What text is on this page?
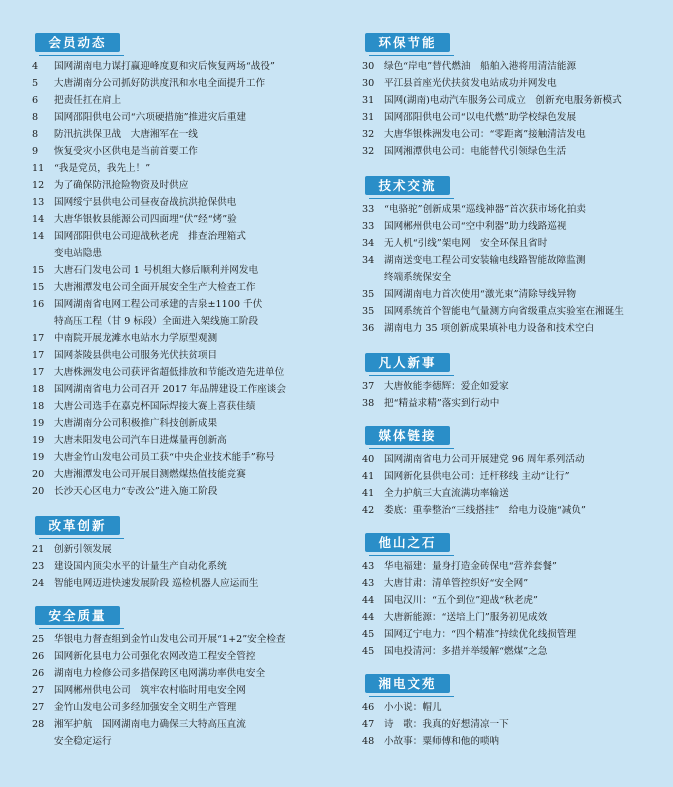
会员动态
4	国网湖南电力谋打赢迎峰度夏和灾后恢复两场“战役”
5	大唐湖南分公司抓好防洪度汛和水电全面提升工作
6	把责任扛在肩上
8	国网邵阳供电公司“六项硬措施”推进灾后重建
8	防汛抗洪保卫战　大唐湘军在一线
9	恢复受灾小区供电是当前首要工作
11	“我是党员，我先上！”
12	为了确保防汛抢险物资及时供应
13	国网绥宁县供电公司昼夜奋战抗洪抢保供电
14	大唐华银攸县能源公司四面埋“伏”经“烤”验
14	国网邵阳供电公司迎战秋老虎　排查治理箱式
变电站隐患
15	大唐石门发电公司 1 号机组大修后顺利并网发电
15	大唐湘潭发电公司全面开展安全生产大检查工作
16	国网湖南省电网工程公司承建的吉泉±1100 千伏
特高压工程（甘 9 标段）全面进入架线施工阶段
17	中南院开展龙滩水电站水力学原型观测
17	国网茶陵县供电公司服务光伏扶贫项目
17	大唐株洲发电公司获评省超低排放和节能改造先进单位
18	国网湖南省电力公司召开 2017 年品牌建设工作座谈会
18	大唐公司选手在嘉克杯国际焊接大赛上喜获佳绩
19	大唐湖南分公司积极推广科技创新成果
19	大唐耒阳发电公司汽车日进煤量再创新高
19	大唐金竹山发电公司员工获“中央企业技术能手”称号
20	大唐湘潭发电公司开展目测燃煤热值技能竞赛
20	长沙天心区电力“专改公”进入施工阶段
改革创新
21	创新引领发展
23	建设国内顶尖水平的计量生产自动化系统
24	智能电网迈进快速发展阶段 巡检机器人应运而生
安全质量
25	华银电力督查组到金竹山发电公司开展“1+2”安全检查
26	国网新化县电力公司强化农网改造工程安全管控
26	湖南电力检修公司多措保跨区电网满功率供电安全
27	国网郴州供电公司　筑牢农村临时用电安全网
27	金竹山发电公司多经加强安全文明生产管理
28	湘军护航　国网湖南电力确保三大特高压直流
安全稳定运行
环保节能
30	绿色“岸电”替代燃油　船舶入港将用清洁能源
30	平江县首座光伏扶贫发电站成功并网发电
31	国网(湖南)电动汽车服务公司成立　创新充电服务新模式
31	国网邵阳供电公司“以电代燃”助学校绿色发展
32	大唐华银株洲发电公司：“零距离”接触清洁发电
32	国网湘潭供电公司：电能替代引领绿色生活
技术交流
33	“电骆驼”创新成果“巡线神器”首次获市场化拍卖
33	国网郴州供电公司“空中利器”助力线路巡视
34	无人机“引线”架电网　安全环保且省时
34	湖南送变电工程公司安装输电线路智能故障监测
终端系统保安全
35	国网湖南电力首次使用“激光束”清除导线异物
35	国网系统首个智能电气量测方向省级重点实验室在湘诞生
36	湖南电力 35 项创新成果填补电力设备和技术空白
凡人新事
37	大唐攸能李德辉：爱企如爱家
38	把“精益求精”落实到行动中
媒体链接
40	国网湖南省电力公司开展建党 96 周年系列活动
41	国网新化县供电公司：迁杆移线 主动“让行”
41	全力护航三大直流满功率输送
42	娄底：重拳整治“三线搭挂”　给电力设施“减负”
他山之石
43	华电福建：量身打造金砖保电“营养套餐”
43	大唐甘肃：清单管控织好“安全网”
44	国电汉川：“五个到位”迎战“秋老虎”
44	大唐新能源：“送培上门”服务初见成效
45	国网辽宁电力：“四个精准”持续优化线损管理
45	国电投清河：多措并举缓解“燃煤”之急
湘电文苑
46	小小说：帽儿
47	诗　歌：我真的好想清凉一下
48	小故事：粟师傅和他的唢呐
